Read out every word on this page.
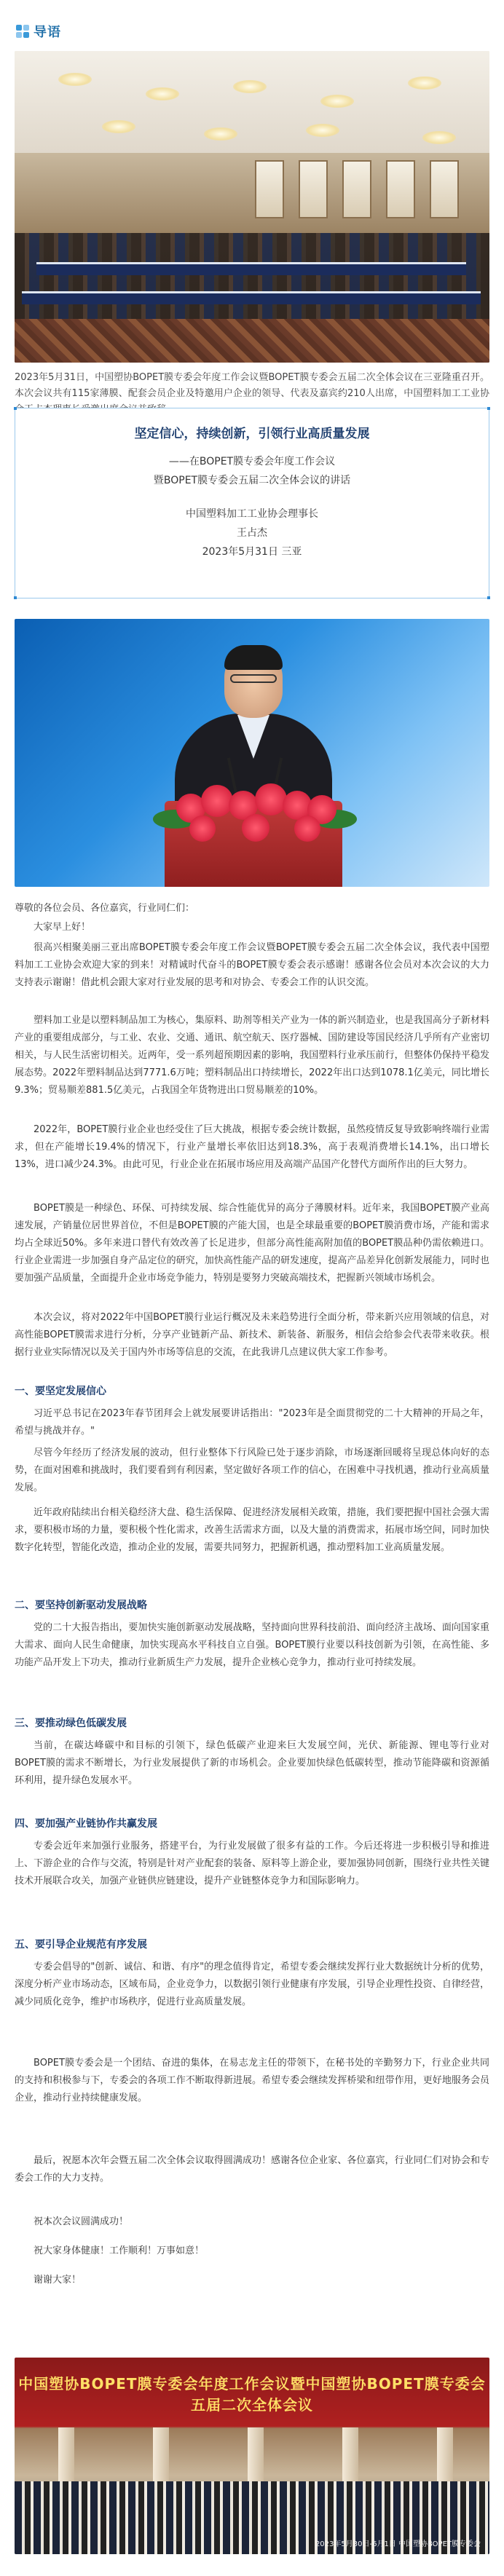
导语

2023年5月31日，中国塑协BOPET膜专委会年度工作会议暨BOPET膜专委会五届二次全体会议在三亚隆重召开。本次会议共有115家薄膜、配套会员企业及特邀用户企业的领导、代表及嘉宾约210人出席，中国塑料加工工业协

坚定信心，持续创新，引领行业高质量发展
——在BOPET膜专委会年度工作会议
暨BOPET膜专委会五届二次全体会议的讲话
中国塑料加工工业协会理事长
王占杰
2023年5月31日 三亚

尊敬的各位会员、各位嘉宾，行业同仁们：

大家早上好！

很高兴相聚美丽三亚出席BOPET膜专委会年度工作会议暨BOPET膜专委会五届二次全体会议，我代表中国塑料加工工业协会欢迎大家的到来！对精诚时代奋斗的BOPET膜专委会表示感谢！感谢各位会员对本次会议的大力支持表示谢谢！借此机会跟大家对行业发展的思考和对协会、专委会工作的认识交流。

塑料加工业是以塑料制品加工为核心，集原料、助剂等相关产业为一体的新兴制造业，也是我国高分子新材料产业的重要组成部分，与工业、农业、交通、通讯、航空航天、医疗器械、国防建设等国民经济几乎所有产业密切相关，与人民生活密切相关。近两年，受一系列超预期因素的影响，我国塑料行业承压前行，但整体仍保持平稳发展态势。2022年塑料制品达到7771.6万吨；塑料制品出口持续增长，2022年出口达到1078.1亿美元，同比增长9.3%；贸易顺差881.5亿美元，占我国全年货物进出口贸易顺差的10%。

2022年，BOPET膜行业企业也经受住了巨大挑战，根据专委会统计数据，虽然疫情反复导致影响终端行业需求，但在产能增长19.4%的情况下，行业产量增长率依旧达到18.3%，高于表观消费增长14.1%，出口增长13%，进口减少24.3%。由此可见，行业企业在拓展市场应用及高端产品国产化替代方面所作出的巨大努力。

BOPET膜是一种绿色、环保、可持续发展、综合性能优异的高分子薄膜材料。近年来，我国BOPET膜产业高速发展，产销量位居世界首位，不但是BOPET膜的产能大国，也是全球最重要的BOPET膜消费市场，产能和需求均占全球近50%。多年来进口替代有效改善了长足进步，但部分高性能高附加值的BOPET膜品种仍需依赖进口。行业企业需进一步加强自身产品定位的研究，加快高性能产品的研发速度，提高产品差异化创新发展能力，同时也要加强产品质量，全面提升企业市场竞争能力，特别是要努力突破高端技术，把握新兴领域市场机会。

本次会议，将对2022年中国BOPET膜行业运行概况及未来趋势进行全面分析，带来新兴应用领域的信息，对高性能BOPET膜需求进行分析，分享产业链新产品、新技术、新装备、新服务，相信会给参会代表带来收获。根据行业业实际情况以及关于国内外市场等信息的交流，在此我讲几点建议供大家工作参考。

一、要坚定发展信心

习近平总书记在2023年春节团拜会上就发展要讲话指出："2023年是全面贯彻党的二十大精神的开局之年，希望与挑战并存。"

尽管今年经历了经济发展的波动，但行业整体下行风险已处于逐步消除，市场逐渐回暖将呈现总体向好的态势，在面对困难和挑战时，我们要看到有利因素，坚定做好各项工作的信心，在困难中寻找机遇，推动行业高质量发展。

近年政府陆续出台相关稳经济大盘、稳生活保障、促进经济发展相关政策，措施，我们要把握中国社会强大需求，要积极市场的力量，要积极个性化需求，改善生活需求方面，以及大量的消费需求，拓展市场空间，同时加快数字化转型，智能化改造，推动企业的发展，需要共同努力，把握新机遇，推动塑料加工业高质量发展。

二、要坚持创新驱动发展战略

党的二十大报告指出，要加快实施创新驱动发展战略，坚持面向世界科技前沿、面向经济主战场、面向国家重大需求、面向人民生命健康，加快实现高水平科技自立自强。BOPET膜行业要以科技创新为引领，在高性能、多功能产品开发上下功夫，推动行业新质生产力发展，提升企业核心竞争力，推动行业可持续发展。

三、要推动绿色低碳发展

当前，在碳达峰碳中和目标的引领下，绿色低碳产业迎来巨大发展空间，光伏、新能源、锂电等行业对BOPET膜的需求不断增长，为行业发展提供了新的市场机会。企业要加快绿色低碳转型，推动节能降碳和资源循环利用，提升绿色发展水平。

四、要加强产业链协作共赢发展

专委会近年来加强行业服务，搭建平台，为行业发展做了很多有益的工作。今后还将进一步积极引导和推进上、下游企业的合作与交流，特别是针对产业配套的装备、原料等上游企业，要加强协同创新，围绕行业共性关键技术开展联合攻关，加强产业链供应链建设，提升产业链整体竞争力和国际影响力。

五、要引导企业规范有序发展

专委会倡导的"创新、诚信、和谐、有序"的理念值得肯定，希望专委会继续发挥行业大数据统计分析的优势，深度分析产业市场动态，区域布局，企业竞争力，以数据引领行业健康有序发展，引导企业理性投资、自律经营，减少同质化竞争，维护市场秩序，促进行业高质量发展。

BOPET膜专委会是一个团结、奋进的集体，在易志龙主任的带领下，在秘书处的辛勤努力下，行业企业共同的支持和积极参与下，专委会的各项工作不断取得新进展。希望专委会继续发挥桥梁和纽带作用，更好地服务会员企业，推动行业持续健康发展。

最后，祝愿本次年会暨五届二次全体会议取得圆满成功！感谢各位企业家、各位嘉宾，行业同仁们对协会和专委会工作的大力支持。

祝本次会议圆满成功！

祝大家身体健康！工作顺利！万事如意！

谢谢大家！

中国塑协BOPET膜专委会年度工作会议暨中国塑协BOPET膜专委会五届二次全体会议
2023年5月30日-6月1日 中国塑协BOPET膜专委会
